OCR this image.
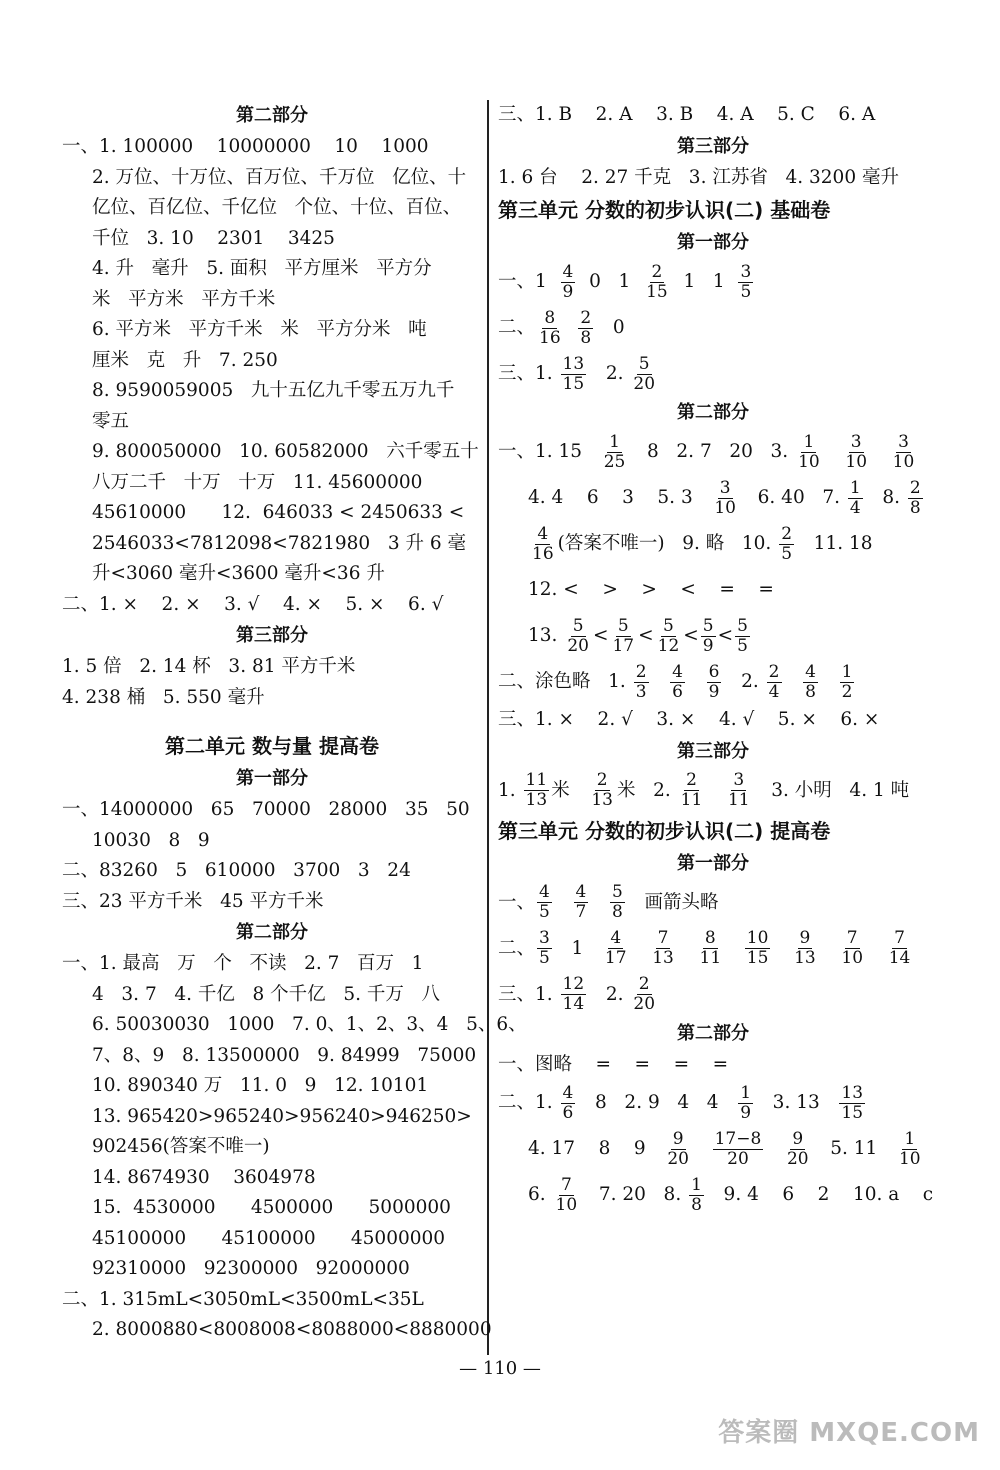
第二部分
一、1. 100000    10000000    10    1000
2. 万位、十万位、百万位、千万位   亿位、十
亿位、百亿位、千亿位   个位、十位、百位、
千位   3. 10    2301    3425
4. 升   毫升   5. 面积   平方厘米   平方分
米   平方米   平方千米
6. 平方米   平方千米   米   平方分米   吨
厘米   克   升   7. 250
8. 9590059005   九十五亿九千零五万九千
零五
9. 800050000   10. 60582000   六千零五十
八万二千   十万   十万   11. 45600000
45610000      12.  646033 < 2450633 <
2546033<7812098<7821980   3 升 6 毫
升<3060 毫升<3600 毫升<36 升
二、1. ×    2. ×    3. √    4. ×    5. ×    6. √
第三部分
1. 5 倍   2. 14 杯   3. 81 平方千米
4. 238 桶   5. 550 毫升
第二单元 数与量 提高卷
第一部分
一、14000000   65   70000   28000   35   50
10030   8   9
二、83260   5   610000   3700   3   24
三、23 平方千米   45 平方千米
第二部分
一、1. 最高   万   个   不读   2. 7   百万   1
4   3. 7   4. 千亿   8 个千亿   5. 千万   八
6. 50030030   1000   7. 0、1、2、3、4   5、6、
7、8、9   8. 13500000   9. 84999   75000
10. 890340 万   11. 0   9   12. 10101
13. 965420>965240>956240>946250>
902456(答案不唯一)
14. 8674930    3604978
15.  4530000      4500000      5000000
45100000      45100000      45000000
92310000   92300000   92000000
二、1. 315mL<3050mL<3500mL<35L
2. 8000880<8008008<8088000<8880000
三、1. B    2. A    3. B    4. A    5. C    6. A
第三部分
1. 6 台    2. 27 千克   3. 江苏省   4. 3200 毫升
第三单元 分数的初步认识(二) 基础卷
第一部分
一、$1 \frac{4}{9} 0$   $1 \frac{2}{15} 1$   $1 \frac{3}{5}$
二、 $\frac{8}{16}$
$\frac{2}{8} 0$
三、1. $\frac{13}{15} 2$. $\frac{5}{20}$
第二部分
一、1. $15 \frac{1}{25} 8$   2. 7   20   3. $\frac{1}{10}$
$\frac{3}{10}$
$\frac{3}{10}$
4. 4    6    3    5. $3 \frac{3}{10} 6$. 40   7. $\frac{1}{4} 8$. $\frac{2}{8}$
$\frac{4}{16}$ (答案不唯一)   9. 略   10. $\frac{2}{5} 11$. 18
12. <    >    >    <    =    =
13. $\frac{5}{20} < \frac{5}{17} < \frac{5}{12} < \frac{5}{9} < \frac{5}{5}$
二、涂色略   1. $\frac{2}{3}$
$\frac{4}{6}$
$\frac{6}{9} 2$. $\frac{2}{4}$
$\frac{4}{8}$
$\frac{1}{2}$
三、1. ×    2. √    3. ×    4. √    5. ×    6. ×
第三部分
1. $\frac{11}{13}$ 米 $\frac{2}{13}$ 米   2. $\frac{2}{11}$
$\frac{3}{11} 3$. 小明   4. 1 吨
第三单元 分数的初步认识(二) 提高卷
第一部分
一、 $\frac{4}{5}$
$\frac{4}{7}$
$\frac{5}{8}$ 画箭头略
二、 $\frac{3}{5} 1 \frac{4}{17}$
$\frac{7}{13}$
$\frac{8}{11}$
$\frac{10}{15}$
$\frac{9}{13}$
$\frac{7}{10}$
$\frac{7}{14}$
三、1. $\frac{12}{14} 2$. $\frac{2}{20}$
第二部分
一、图略    =    =    =    =
二、1. $\frac{4}{6} 8$   2. 9   4   $4 \frac{1}{9} 3$. $13 \frac{13}{15}$
4. 17    8    $9 \frac{9}{20}$
$\frac{17-8}{20}$
$\frac{9}{20} 5$. $11 \frac{1}{10}$
6. $\frac{7}{10} 7$. 20   8. $\frac{1}{8} 9$. 4    6    2    10. a    c
— 110 —
答案圈 MXQE.COM
